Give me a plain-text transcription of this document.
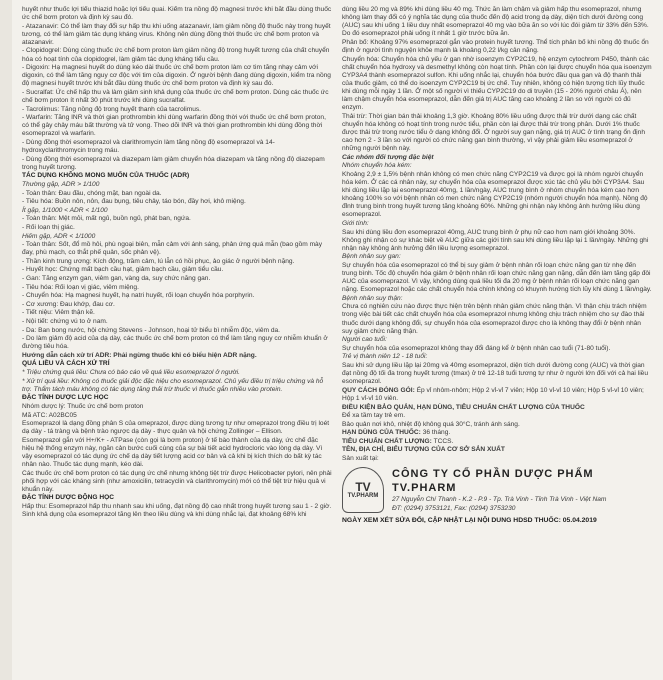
huyết như thuốc lợi tiểu thiazid hoặc lợi tiểu quai. Kiểm tra nồng độ magnesi trước khi bắt đầu dùng thuốc ức chế bơm proton và định kỳ sau đó.

- Atazanavir: Có thể làm thay đổi sự hấp thu khi uống atazanavir, làm giảm nồng độ thuốc này trong huyết tương, có thể làm giảm tác dụng kháng virus. Không nên dùng đồng thời thuốc ức chế bơm proton và atazanavir.

- Clopidogrel: Dùng cùng thuốc ức chế bơm proton làm giảm nồng độ trong huyết tương của chất chuyển hóa có hoạt tính của clopidogrel, làm giảm tác dụng kháng tiểu cầu.

- Digoxin: Hạ magnesi huyết do dùng kéo dài thuốc ức chế bơm proton làm cơ tim tăng nhạy cảm với digoxin, có thể làm tăng nguy cơ độc với tim của digoxin. Ở người bệnh đang dùng digoxin, kiểm tra nồng độ magnesi huyết trước khi bắt đầu dùng thuốc ức chế bơm proton và định kỳ sau đó.

- Sucralfat: Ức chế hấp thu và làm giảm sinh khả dụng của thuốc ức chế bơm proton. Dùng các thuốc ức chế bơm proton ít nhất 30 phút trước khi dùng sucralfat.

- Tacrolimus: Tăng nồng độ trong huyết thanh của tacrolimus.

- Warfarin: Tăng INR và thời gian prothrombin khi dùng warfarin đồng thời với thuốc ức chế bơm proton, có thể gây chảy máu bất thường và tử vong. Theo dõi INR và thời gian prothrombin khi dùng đồng thời esomeprazol và warfarin.

- Dùng đồng thời esomeprazol và clarithromycin làm tăng nồng độ esomeprazol và 14-hydroxyclarithromycin trong máu.

- Dùng đồng thời esomeprazol và diazepam làm giảm chuyển hóa diazepam và tăng nồng độ diazepam trong huyết tương.

TÁC DỤNG KHÔNG MONG MUỐN CỦA THUỐC (ADR)

Thường gặp, ADR > 1/100

- Toàn thân: Đau đầu, chóng mặt, ban ngoài da.

- Tiêu hóa: Buồn nôn, nôn, đau bụng, tiêu chảy, táo bón, đầy hơi, khô miệng.

Ít gặp, 1/1000 < ADR < 1/100

- Toàn thân: Mệt mỏi, mất ngủ, buồn ngủ, phát ban, ngứa.

- Rối loạn thị giác.

Hiếm gặp, ADR < 1/1000

- Toàn thân: Sốt, đổ mồ hôi, phù ngoại biên, mẫn cảm với ánh sáng, phản ứng quá mẫn (bao gồm mày đay, phù mạch, co thắt phế quản, sốc phản vệ).

- Thần kinh trung ương: Kích động, trầm cảm, lú lẫn có hồi phục, ảo giác ở người bệnh nặng.

- Huyết học: Chứng mất bạch cầu hạt, giảm bạch cầu, giảm tiểu cầu.

- Gan: Tăng enzym gan, viêm gan, vàng da, suy chức năng gan.

- Tiêu hóa: Rối loạn vị giác, viêm miệng.

- Chuyển hóa: Hạ magnesi huyết, hạ natri huyết, rối loạn chuyển hóa porphyrin.

- Cơ xương: Đau khớp, đau cơ.

- Tiết niệu: Viêm thận kẽ.

- Nội tiết: chứng vú to ở nam.

- Da: Ban bong nước, hội chứng Stevens - Johnson, hoại tử biểu bì nhiễm độc, viêm da.

- Do làm giảm độ acid của dạ dày, các thuốc ức chế bơm proton có thể làm tăng nguy cơ nhiễm khuẩn ở đường tiêu hóa.

Hướng dẫn cách xử trí ADR: Phải ngừng thuốc khi có biểu hiện ADR nặng.

QUÁ LIỀU VÀ CÁCH XỬ TRÍ

* Triệu chứng quá liều: Chưa có báo cáo về quá liều esomeprazol ở người.

* Xử trí quá liều: Không có thuốc giải độc đặc hiệu cho esomeprazol. Chủ yếu điều trị triệu chứng và hỗ trợ. Thẩm tách máu không có tác dụng tăng thải trừ thuốc vì thuốc gắn nhiều vào protein.

ĐẶC TÍNH DƯỢC LỰC HỌC

Nhóm dược lý: Thuốc ức chế bơm proton

Mã ATC: A02BC05

Esomeprazol là dạng đồng phân S của omeprazol, được dùng tương tự như omeprazol trong điều trị loét dạ dày - tá tràng và bệnh trào ngược dạ dày - thực quản và hội chứng Zollinger – Ellison.

Esomeprazol gắn với H+/K+ - ATPase (còn gọi là bơm proton) ở tế bào thành của dạ dày, ức chế đặc hiệu hệ thống enzym này, ngăn cản bước cuối cùng của sự bài tiết acid hydrocloric vào lòng dạ dày. Vì vậy esomeprazol có tác dụng ức chế dạ dày tiết lượng acid cơ bản và cả khi bị kích thích do bất kỳ tác nhân nào. Thuốc tác dụng mạnh, kéo dài.

Các thuốc ức chế bơm proton có tác dụng ức chế nhưng không tiệt trừ được Helicobacter pylori, nên phải phối hợp với các kháng sinh (như amoxicilin, tetracyclin và clarithromycin) mới có thể tiệt trừ hiệu quả vi khuẩn này.

ĐẶC TÍNH DƯỢC ĐỘNG HỌC

Hấp thu: Esomeprazol hấp thu nhanh sau khi uống, đạt nồng độ cao nhất trong huyết tương sau 1 - 2 giờ. Sinh khả dụng của esomeprazol tăng lên theo liều dùng và khi dùng nhắc lại, đạt khoảng 68% khi

dùng liều 20 mg và 89% khi dùng liều 40 mg. Thức ăn làm chậm và giảm hấp thu esomeprazol, nhưng không làm thay đổi có ý nghĩa tác dụng của thuốc đến độ acid trong dạ dày, diện tích dưới đường cong (AUC) sau khi uống 1 liều duy nhất esomeprazol 40 mg vào bữa ăn so với lúc đói giảm từ 33% đến 53%. Do đó esomeprazol phải uống ít nhất 1 giờ trước bữa ăn.

Phân bố: Khoảng 97% esomeprazol gắn vào protein huyết tương. Thể tích phân bố khi nồng độ thuốc ổn định ở người tình nguyện khỏe mạnh là khoảng 0,22 l/kg cân nặng.

Chuyển hóa: Chuyển hóa chủ yếu ở gan nhờ isoenzym CYP2C19, hệ enzym cytochrom P450, thành các chất chuyển hóa hydroxy và desmethyl không còn hoạt tính. Phần còn lại được chuyển hóa qua isoenzym CYP3A4 thành esomeprazol sulfon. Khi uống nhắc lại, chuyển hóa bước đầu qua gan và độ thanh thải của thuốc giảm, có thể do isoenzym CYP2C19 bị ức chế. Tuy nhiên, không có hiện tượng tích lũy thuốc khi dùng mỗi ngày 1 lần. Ở một số người vì thiếu CYP2C19 do di truyền (15 - 20% người châu Á), nên làm chậm chuyển hóa esomeprazol, dẫn đến giá trị AUC tăng cao khoảng 2 lần so với người có đủ enzym.

Thải trừ: Thời gian bán thải khoảng 1,3 giờ. Khoảng 80% liều uống được thải trừ dưới dạng các chất chuyển hóa không có hoạt tính trong nước tiểu, phần còn lại được thải trừ trong phân. Dưới 1% thuốc được thải trừ trong nước tiểu ở dạng không đổi. Ở người suy gan nặng, giá trị AUC ở tình trạng ổn định cao hơn 2 - 3 lần so với người có chức năng gan bình thường, vì vậy phải giảm liều esomeprazol ở những người bệnh này.

Các nhóm đối tượng đặc biệt

Nhóm chuyển hóa kém:

Khoảng 2,9 ± 1,5% bệnh nhân không có men chức năng CYP2C19 và được gọi là nhóm người chuyển hóa kém. Ở các cá nhân này, sự chuyển hóa của esomeprazol được xúc tác chủ yếu bởi CYP3A4. Sau khi dùng liều lặp lại esomeprazol 40mg, 1 lần/ngày, AUC trung bình ở nhóm chuyển hóa kém cao hơn khoảng 100% so với bệnh nhân có men chức năng CYP2C19 (nhóm người chuyển hóa mạnh). Nồng độ đỉnh trung bình trong huyết tương tăng khoảng 60%. Những ghi nhận này không ảnh hưởng liều dùng esomeprazol.

Giới tính:

Sau khi dùng liều đơn esomeprazol 40mg, AUC trung bình ở phụ nữ cao hơn nam giới khoảng 30%. Không ghi nhận có sự khác biệt về AUC giữa các giới tính sau khi dùng liều lặp lại 1 lần/ngày. Những ghi nhận này không ảnh hưởng đến liều lượng esomeprazol.

Bệnh nhân suy gan:

Sự chuyển hóa của esomeprazol có thể bị suy giảm ở bệnh nhân rối loạn chức năng gan từ nhẹ đến trung bình. Tốc độ chuyển hóa giảm ở bệnh nhân rối loạn chức năng gan nặng, dẫn đến làm tăng gấp đôi AUC của esomeprazol. Vì vậy, không dùng quá liều tối đa 20 mg ở bệnh nhân rối loạn chức năng gan nặng. Esomeprazol hoặc các chất chuyển hóa chính không có khuynh hướng tích lũy khi dùng 1 lần/ngày.

Bệnh nhân suy thận:

Chưa có nghiên cứu nào được thực hiện trên bệnh nhân giảm chức năng thận. Vì thận chịu trách nhiệm trong việc bài tiết các chất chuyển hóa của esomeprazol nhưng không chịu trách nhiệm cho sự đào thải thuốc dưới dạng không đổi, sự chuyển hóa của esomeprazol được cho là không thay đổi ở bệnh nhân suy giảm chức năng thận.

Người cao tuổi:

Sự chuyển hóa của esomeprazol không thay đổi đáng kể ở bệnh nhân cao tuổi (71-80 tuổi).

Trẻ vị thành niên 12 - 18 tuổi:

Sau khi sử dụng liều lặp lại 20mg và 40mg esomeprazol, diện tích dưới đường cong (AUC) và thời gian đạt nồng độ tối đa trong huyết tương (tmax) ở trẻ 12-18 tuổi tương tự như ở người lớn đối với cả hai liều esomeprazol.

QUY CÁCH ĐÓNG GÓI: Ép vỉ nhôm-nhôm; Hộp 2 vỉ-vỉ 7 viên; Hộp 10 vỉ-vỉ 10 viên; Hộp 5 vỉ-vỉ 10 viên; Hộp 1 vỉ-vỉ 10 viên.

ĐIỀU KIỆN BẢO QUẢN, HẠN DÙNG, TIÊU CHUẨN CHẤT LƯỢNG CỦA THUỐC

Để xa tầm tay trẻ em.

Bảo quản nơi khô, nhiệt độ không quá 30°C, tránh ánh sáng.

HẠN DÙNG CỦA THUỐC: 36 tháng.

TIÊU CHUẨN CHẤT LƯỢNG: TCCS.

TÊN, ĐỊA CHỈ, BIỂU TƯỢNG CỦA CƠ SỞ SẢN XUẤT

Sản xuất tại:

TV
TV.PHARM
CÔNG TY CỔ PHẦN DƯỢC PHẨM TV.PHARM
27 Nguyễn Chí Thanh - K.2 - P.9 - Tp. Trà Vinh - Tỉnh Trà Vinh - Việt Nam
ĐT: (0294) 3753121, Fax: (0294) 3753230
NGÀY XEM XÉT SỬA ĐỔI, CẬP NHẬT LẠI NỘI DUNG HDSD THUỐC: 05.04.2019
